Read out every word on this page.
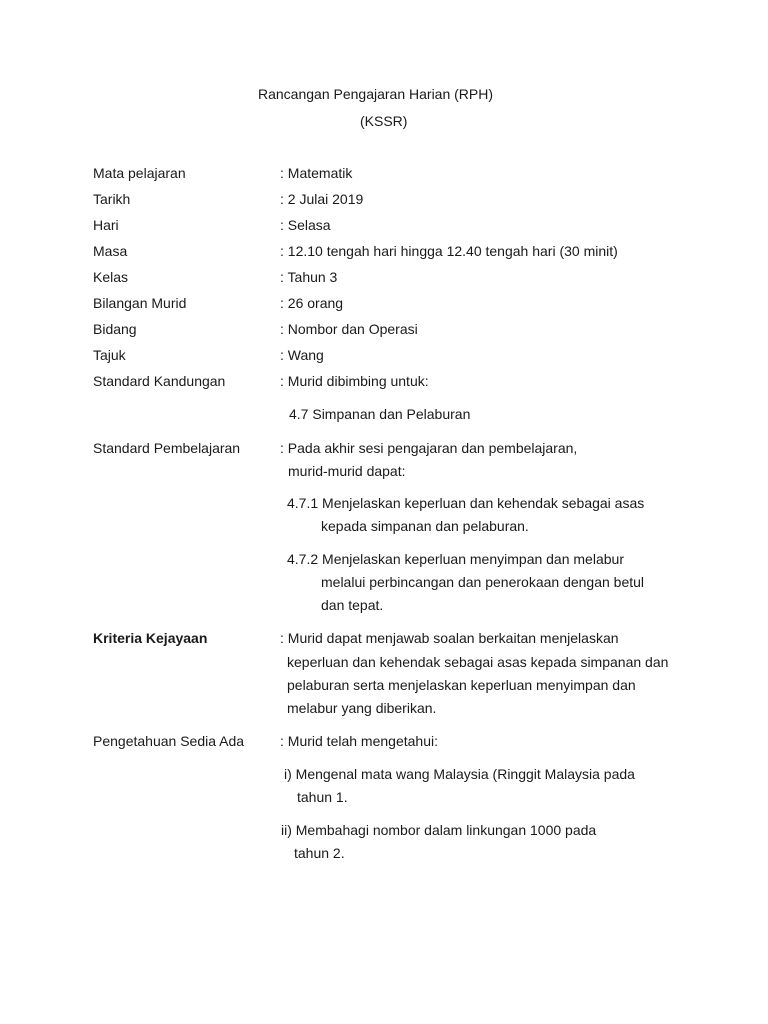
Rancangan Pengajaran Harian (RPH)
(KSSR)
Mata pelajaran	: Matematik
Tarikh	: 2 Julai 2019
Hari	: Selasa
Masa	: 12.10 tengah hari hingga 12.40 tengah hari (30 minit)
Kelas	: Tahun 3
Bilangan Murid	: 26 orang
Bidang	: Nombor dan Operasi
Tajuk	: Wang
Standard Kandungan	: Murid dibimbing untuk:
4.7 Simpanan dan Pelaburan
Standard Pembelajaran	: Pada akhir sesi pengajaran dan pembelajaran,
murid-murid dapat:
4.7.1 Menjelaskan keperluan dan kehendak sebagai asas
kepada simpanan dan pelaburan.
4.7.2 Menjelaskan keperluan menyimpan dan melabur
melalui perbincangan dan penerokaan dengan betul
dan tepat.
Kriteria Kejayaan	: Murid dapat menjawab soalan berkaitan menjelaskan
keperluan dan kehendak sebagai asas kepada simpanan dan
pelaburan serta menjelaskan keperluan menyimpan dan
melabur yang diberikan.
Pengetahuan Sedia Ada	: Murid telah mengetahui:
i) Mengenal mata wang Malaysia (Ringgit Malaysia pada
tahun 1.
ii) Membahagi nombor dalam linkungan 1000 pada
tahun 2.
